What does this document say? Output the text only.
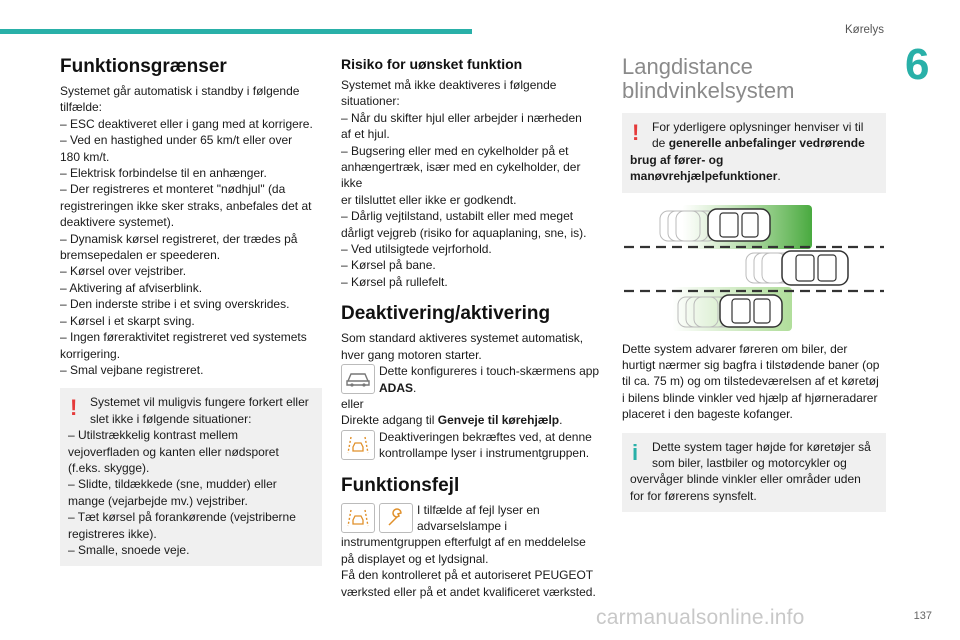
Kørelys
6
Funktionsgrænser

Systemet går automatisk i standby i følgende
tilfælde:

– ESC deaktiveret eller i gang med at korrigere.
– Ved en hastighed under 65 km/t eller over
180 km/t.
– Elektrisk forbindelse til en anhænger.
– Der registreres et monteret "nødhjul" (da
registreringen ikke sker straks, anbefales det at
deaktivere systemet).
– Dynamisk kørsel registreret, der trædes på
bremsepedalen er speederen.
– Kørsel over vejstriber.
– Aktivering af afviserblink.
– Den inderste stribe i et sving overskrides.
– Kørsel i et skarpt sving.
– Ingen føreraktivitet registreret ved systemets
korrigering.
– Smal vejbane registreret.
!	Systemet vil muligvis fungere forkert eller
slet ikke i følgende situationer:
– Utilstrækkelig kontrast mellem
vejoverfladen og kanten eller nødsporet
(f.eks. skygge).
– Slidte, tildækkede (sne, mudder) eller
mange (vejarbejde mv.) vejstriber.
– Tæt kørsel på forankørende (vejstriberne
registreres ikke).
– Smalle, snoede veje.
Risiko for uønsket funktion
Systemet må ikke deaktiveres i følgende
situationer:
– Når du skifter hjul eller arbejder i nærheden
af et hjul.
– Bugsering eller med en cykelholder på et
anhængertræk, især med en cykelholder, der ikke
er tilsluttet eller ikke er godkendt.
– Dårlig vejtilstand, ustabilt eller med meget
dårligt vejgreb (risiko for aquaplaning, sne, is).
– Ved utilsigtede vejrforhold.
– Kørsel på bane.
– Kørsel på rullefelt.
Deaktivering/aktivering
Som standard aktiveres systemet automatisk,
hver gang motoren starter.
Dette konfigureres i touch-skærmens app
ADAS.
eller
Direkte adgang til Genveje til kørehjælp.
Deaktiveringen bekræftes ved, at denne
kontrollampe lyser i instrumentgruppen.
Funktionsfejl
I tilfælde af fejl lyser en
advarselslampe i
instrumentgruppen efterfulgt af en meddelelse
på displayet og et lydsignal.
Få den kontrolleret på et autoriseret PEUGEOT
værksted eller på et andet kvalificeret værksted.
Langdistance
blindvinkelsystem
!	For yderligere oplysninger henviser vi til
de generelle anbefalinger vedrørende
brug af fører- og
manøvrehjælpefunktioner.
Dette system advarer føreren om biler, der
hurtigt nærmer sig bagfra i tilstødende baner (op
til ca. 75 m) og om tilstedeværelsen af et køretøj
i bilens blinde vinkler ved hjælp af hjørneradarer
placeret i den bageste kofanger.
i	Dette system tager højde for køretøjer så
som biler, lastbiler og motorcykler og
overvåger blinde vinkler eller områder uden
for for førerens synsfelt.
137
carmanualsonline.info
